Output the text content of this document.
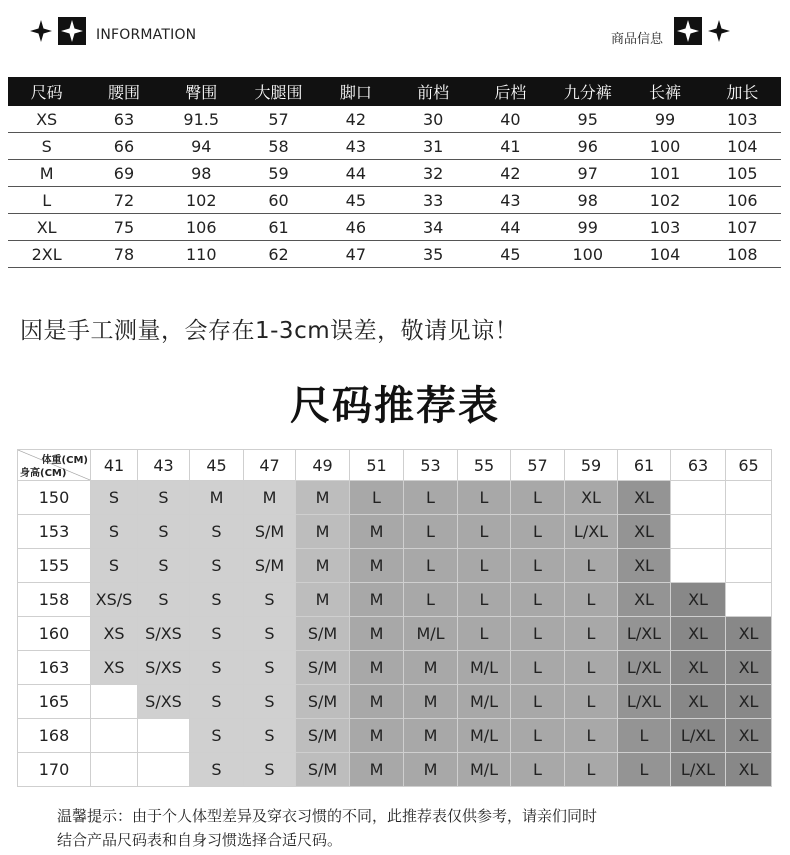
INFORMATION	商品信息
尺码	腰围	臀围	大腿围	脚口	前档	后档	九分裤	长裤	加长
XS	63	91.5	57	42	30	40	95	99	103
S	66	94	58	43	31	41	96	100	104
M	69	98	59	44	32	42	97	101	105
L	72	102	60	45	33	43	98	102	106
XL	75	106	61	46	34	44	99	103	107
2XL	78	110	62	47	35	45	100	104	108
因是手工测量，会存在1-3cm误差，敬请见谅！
尺码推荐表
体重(CM)
身高(CM)	41	43	45	47	49	51	53	55	57	59	61	63	65
150	S	S	M	M	M	L	L	L	L	XL	XL		
153	S	S	S	S/M	M	M	L	L	L	L/XL	XL		
155	S	S	S	S/M	M	M	L	L	L	L	XL		
158	XS/S	S	S	S	M	M	L	L	L	L	XL	XL	
160	XS	S/XS	S	S	S/M	M	M/L	L	L	L	L/XL	XL	XL
163	XS	S/XS	S	S	S/M	M	M	M/L	L	L	L/XL	XL	XL
165		S/XS	S	S	S/M	M	M	M/L	L	L	L/XL	XL	XL
168			S	S	S/M	M	M	M/L	L	L	L	L/XL	XL
170			S	S	S/M	M	M	M/L	L	L	L	L/XL	XL
温馨提示：由于个人体型差异及穿衣习惯的不同，此推荐表仅供参考，请亲们同时
结合产品尺码表和自身习惯选择合适尺码。
